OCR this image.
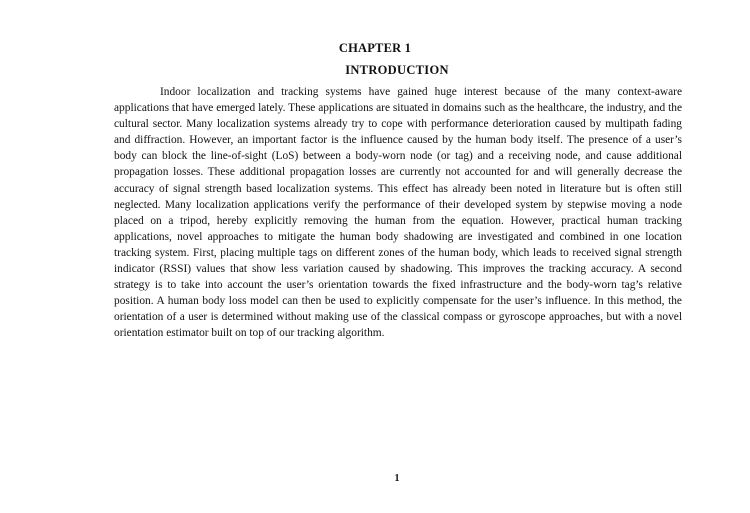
CHAPTER 1
INTRODUCTION

Indoor localization and tracking systems have gained huge interest because of the many context-aware applications that have emerged lately. These applications are situated in domains such as the healthcare, the industry, and the cultural sector. Many localization systems already try to cope with performance deterioration caused by multipath fading and diffraction. However, an important factor is the influence caused by the human body itself. The presence of a user’s body can block the line-of-sight (LoS) between a body-worn node (or tag) and a receiving node, and cause additional propagation losses. These additional propagation losses are currently not accounted for and will generally decrease the accuracy of signal strength based localization systems. This effect has already been noted in literature but is often still neglected. Many localization applications verify the performance of their developed system by stepwise moving a node placed on a tripod, hereby explicitly removing the human from the equation. However, practical human tracking applications, novel approaches to mitigate the human body shadowing are investigated and combined in one location tracking system. First, placing multiple tags on different zones of the human body, which leads to received signal strength indicator (RSSI) values that show less variation caused by shadowing. This improves the tracking accuracy. A second strategy is to take into account the user’s orientation towards the fixed infrastructure and the body-worn tag’s relative position. A human body loss model can then be used to explicitly compensate for the user’s influence. In this method, the orientation of a user is determined without making use of the classical compass or gyroscope approaches, but with a novel orientation estimator built on top of our tracking algorithm.

1
